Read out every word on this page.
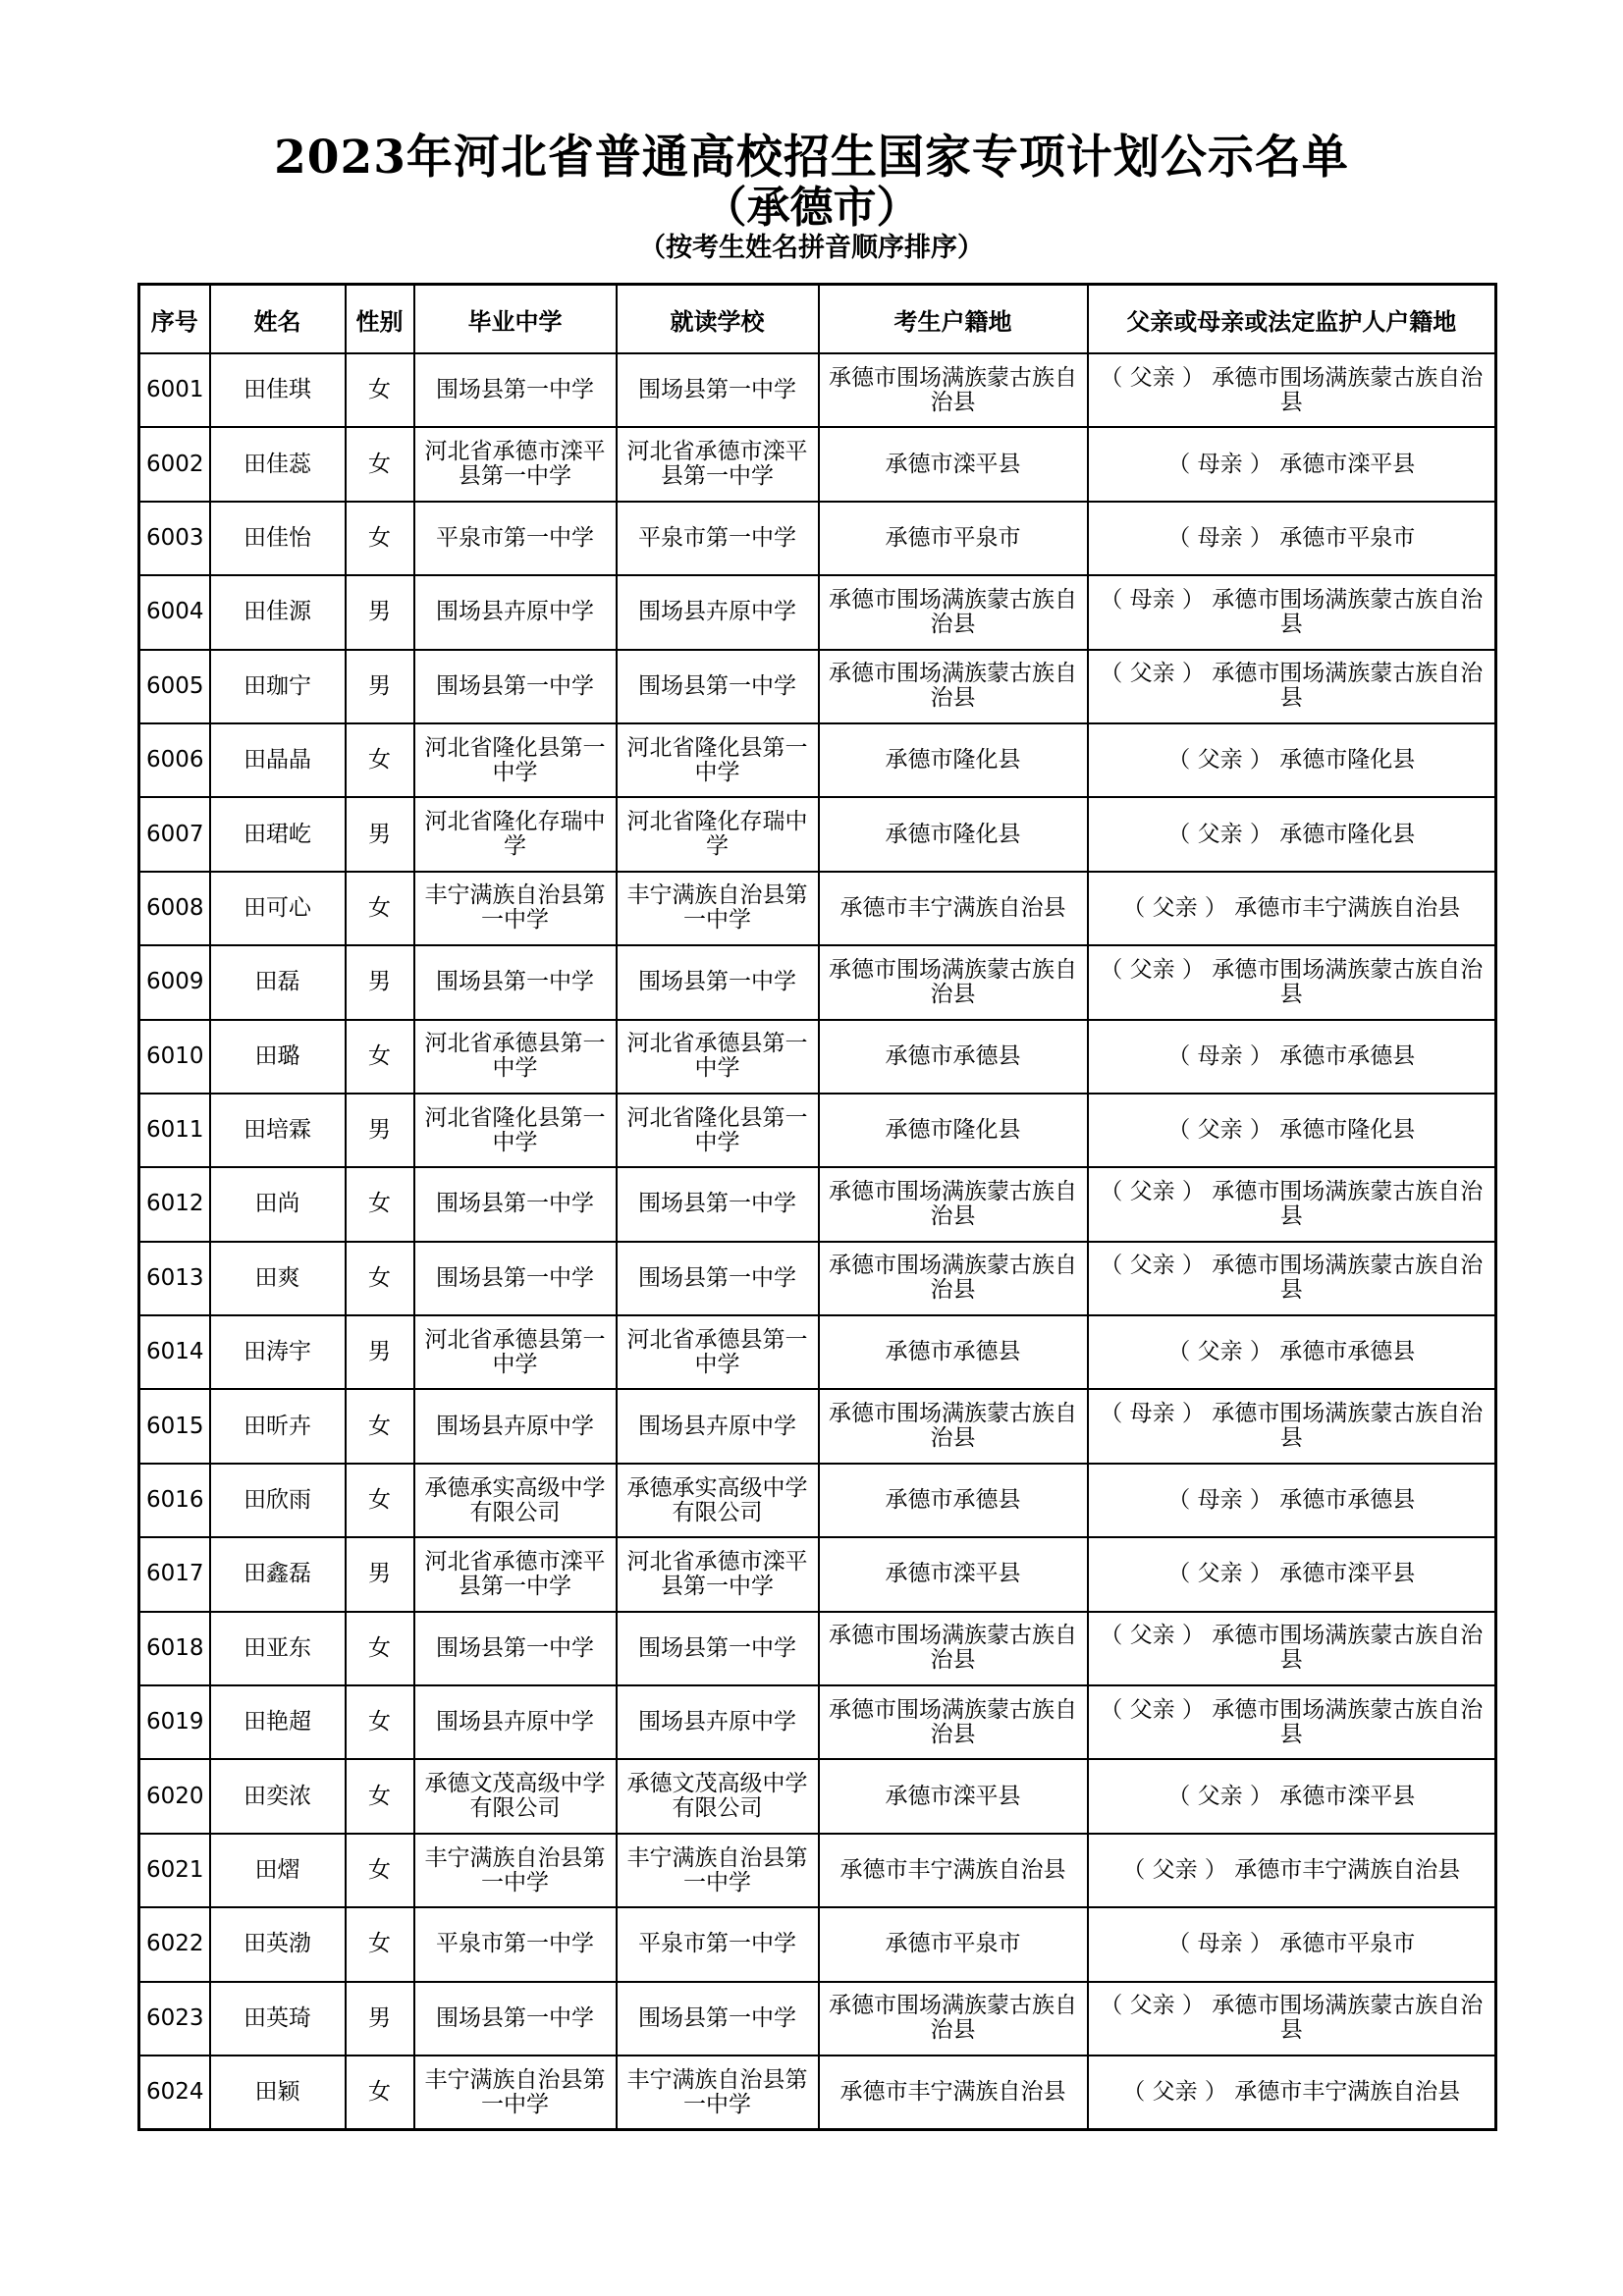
2023年河北省普通高校招生国家专项计划公示名单
（承德市）
（按考生姓名拼音顺序排序）
序号	姓名	性别	毕业中学	就读学校	考生户籍地	父亲或母亲或法定监护人户籍地
6001	田佳琪	女	围场县第一中学	围场县第一中学	承德市围场满族蒙古族自治县	（ 父亲 ） 承德市围场满族蒙古族自治县
6002	田佳蕊	女	河北省承德市滦平县第一中学	河北省承德市滦平县第一中学	承德市滦平县	（ 母亲 ） 承德市滦平县
6003	田佳怡	女	平泉市第一中学	平泉市第一中学	承德市平泉市	（ 母亲 ） 承德市平泉市
6004	田佳源	男	围场县卉原中学	围场县卉原中学	承德市围场满族蒙古族自治县	（ 母亲 ） 承德市围场满族蒙古族自治县
6005	田珈宁	男	围场县第一中学	围场县第一中学	承德市围场满族蒙古族自治县	（ 父亲 ） 承德市围场满族蒙古族自治县
6006	田晶晶	女	河北省隆化县第一中学	河北省隆化县第一中学	承德市隆化县	（ 父亲 ） 承德市隆化县
6007	田珺屹	男	河北省隆化存瑞中学	河北省隆化存瑞中学	承德市隆化县	（ 父亲 ） 承德市隆化县
6008	田可心	女	丰宁满族自治县第一中学	丰宁满族自治县第一中学	承德市丰宁满族自治县	（ 父亲 ） 承德市丰宁满族自治县
6009	田磊	男	围场县第一中学	围场县第一中学	承德市围场满族蒙古族自治县	（ 父亲 ） 承德市围场满族蒙古族自治县
6010	田璐	女	河北省承德县第一中学	河北省承德县第一中学	承德市承德县	（ 母亲 ） 承德市承德县
6011	田培霖	男	河北省隆化县第一中学	河北省隆化县第一中学	承德市隆化县	（ 父亲 ） 承德市隆化县
6012	田尚	女	围场县第一中学	围场县第一中学	承德市围场满族蒙古族自治县	（ 父亲 ） 承德市围场满族蒙古族自治县
6013	田爽	女	围场县第一中学	围场县第一中学	承德市围场满族蒙古族自治县	（ 父亲 ） 承德市围场满族蒙古族自治县
6014	田涛宇	男	河北省承德县第一中学	河北省承德县第一中学	承德市承德县	（ 父亲 ） 承德市承德县
6015	田昕卉	女	围场县卉原中学	围场县卉原中学	承德市围场满族蒙古族自治县	（ 母亲 ） 承德市围场满族蒙古族自治县
6016	田欣雨	女	承德承实高级中学有限公司	承德承实高级中学有限公司	承德市承德县	（ 母亲 ） 承德市承德县
6017	田鑫磊	男	河北省承德市滦平县第一中学	河北省承德市滦平县第一中学	承德市滦平县	（ 父亲 ） 承德市滦平县
6018	田亚东	女	围场县第一中学	围场县第一中学	承德市围场满族蒙古族自治县	（ 父亲 ） 承德市围场满族蒙古族自治县
6019	田艳超	女	围场县卉原中学	围场县卉原中学	承德市围场满族蒙古族自治县	（ 父亲 ） 承德市围场满族蒙古族自治县
6020	田奕浓	女	承德文茂高级中学有限公司	承德文茂高级中学有限公司	承德市滦平县	（ 父亲 ） 承德市滦平县
6021	田熠	女	丰宁满族自治县第一中学	丰宁满族自治县第一中学	承德市丰宁满族自治县	（ 父亲 ） 承德市丰宁满族自治县
6022	田英渤	女	平泉市第一中学	平泉市第一中学	承德市平泉市	（ 母亲 ） 承德市平泉市
6023	田英琦	男	围场县第一中学	围场县第一中学	承德市围场满族蒙古族自治县	（ 父亲 ） 承德市围场满族蒙古族自治县
6024	田颖	女	丰宁满族自治县第一中学	丰宁满族自治县第一中学	承德市丰宁满族自治县	（ 父亲 ） 承德市丰宁满族自治县
